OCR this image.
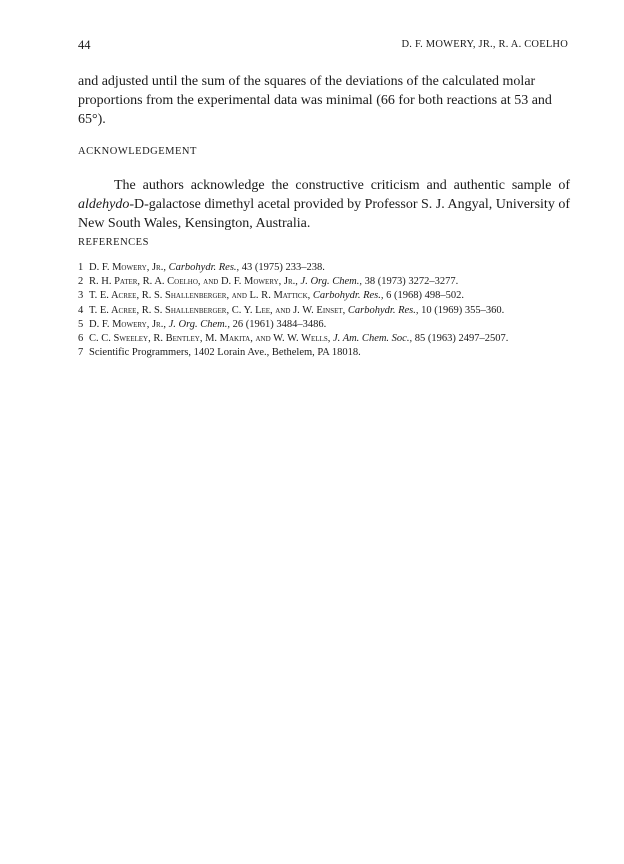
44	D. F. MOWERY, JR., R. A. COELHO
and adjusted until the sum of the squares of the deviations of the calculated molar proportions from the experimental data was minimal (66 for both reactions at 53 and 65°).
ACKNOWLEDGEMENT
The authors acknowledge the constructive criticism and authentic sample of aldehydo-D-galactose dimethyl acetal provided by Professor S. J. Angyal, University of New South Wales, Kensington, Australia.
REFERENCES
1 D. F. Mowery, Jr., Carbohydr. Res., 43 (1975) 233–238.
2 R. H. Pater, R. A. Coelho, and D. F. Mowery, Jr., J. Org. Chem., 38 (1973) 3272–3277.
3 T. E. Acree, R. S. Shallenberger, and L. R. Mattick, Carbohydr. Res., 6 (1968) 498–502.
4 T. E. Acree, R. S. Shallenberger, C. Y. Lee, and J. W. Einset, Carbohydr. Res., 10 (1969) 355–360.
5 D. F. Mowery, Jr., J. Org. Chem., 26 (1961) 3484–3486.
6 C. C. Sweeley, R. Bentley, M. Makita, and W. W. Wells, J. Am. Chem. Soc., 85 (1963) 2497–2507.
7 Scientific Programmers, 1402 Lorain Ave., Bethelem, PA 18018.
